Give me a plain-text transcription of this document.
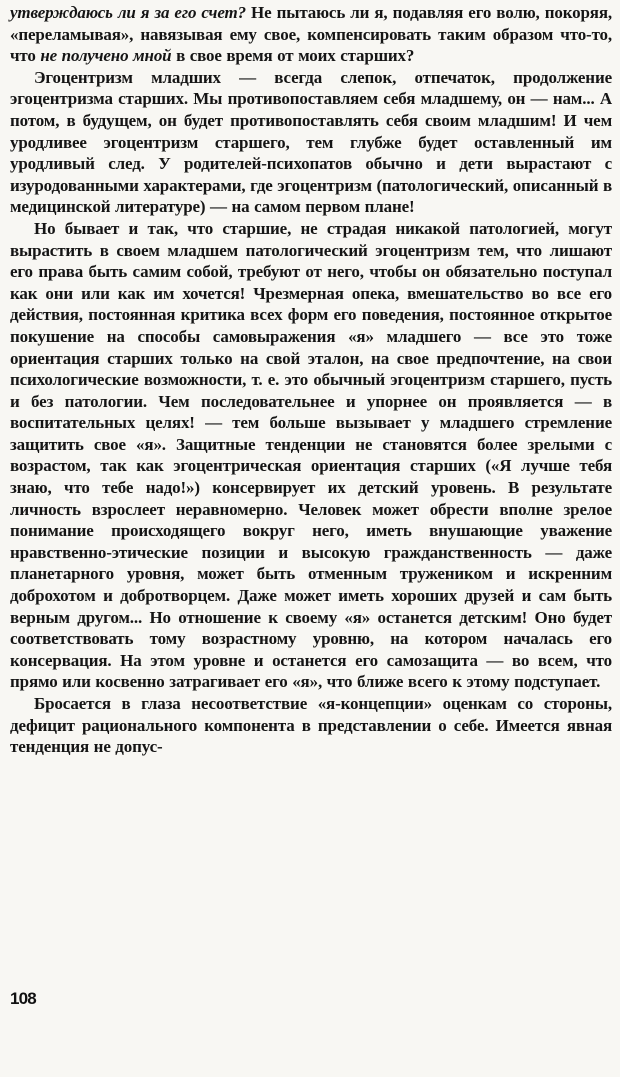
утверждаюсь ли я за его счет? Не пытаюсь ли я, подавляя его волю, покоряя, «переламывая», навязывая ему свое, компенсировать таким образом что-то, что не получено мной в свое время от моих старших?

Эгоцентризм младших — всегда слепок, отпечаток, продолжение эгоцентризма старших. Мы противопоставляем себя младшему, он — нам... А потом, в будущем, он будет противопоставлять себя своим младшим! И чем уродливее эгоцентризм старшего, тем глубже будет оставленный им уродливый след. У родителей-психопатов обычно и дети вырастают с изуродованными характерами, где эгоцентризм (патологический, описанный в медицинской литературе) — на самом первом плане!

Но бывает и так, что старшие, не страдая никакой патологией, могут вырастить в своем младшем патологический эгоцентризм тем, что лишают его права быть самим собой, требуют от него, чтобы он обязательно поступал как они или как им хочется! Чрезмерная опека, вмешательство во все его действия, постоянная критика всех форм его поведения, постоянное открытое покушение на способы самовыражения «я» младшего — все это тоже ориентация старших только на свой эталон, на свое предпочтение, на свои психологические возможности, т. е. это обычный эгоцентризм старшего, пусть и без патологии. Чем последовательнее и упорнее он проявляется — в воспитательных целях! — тем больше вызывает у младшего стремление защитить свое «я». Защитные тенденции не становятся более зрелыми с возрастом, так как эгоцентрическая ориентация старших («Я лучше тебя знаю, что тебе надо!») консервирует их детский уровень. В результате личность взрослеет неравномерно. Человек может обрести вполне зрелое понимание происходящего вокруг него, иметь внушающие уважение нравственно-этические позиции и высокую гражданственность — даже планетарного уровня, может быть отменным тружеником и искренним доброхотом и добротворцем. Даже может иметь хороших друзей и сам быть верным другом... Но отношение к своему «я» останется детским! Оно будет соответствовать тому возрастному уровню, на котором началась его консервация. На этом уровне и останется его самозащита — во всем, что прямо или косвенно затрагивает его «я», что ближе всего к этому подступает.

Бросается в глаза несоответствие «я-концепции» оценкам со стороны, дефицит рационального компонента в представлении о себе. Имеется явная тенденция не допус-

108
